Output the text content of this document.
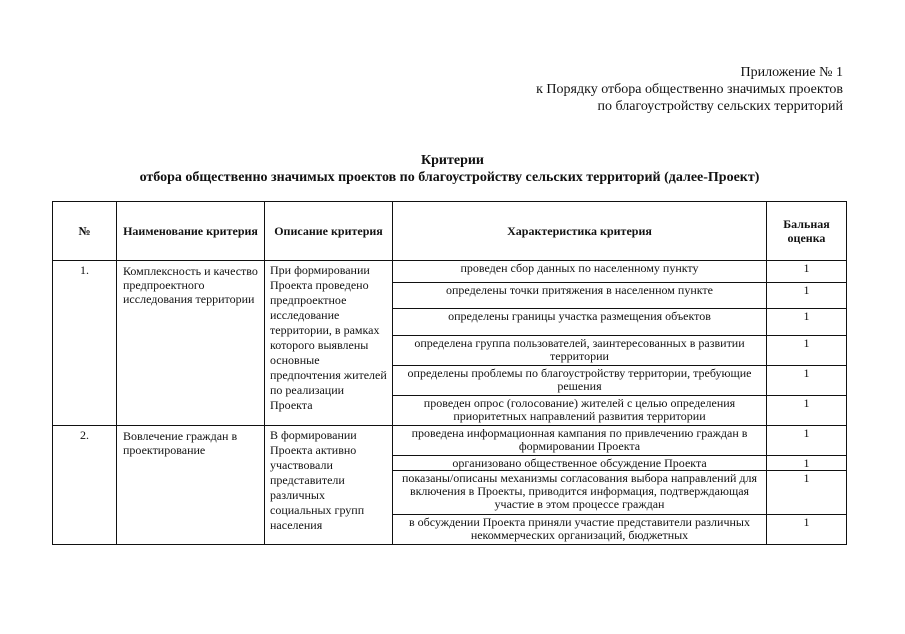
Приложение № 1
к Порядку отбора общественно значимых проектов
по благоустройству сельских территорий
Критерии
отбора общественно значимых проектов по благоустройству сельских территорий (далее-Проект)
№	Наименование критерия	Описание критерия	Характеристика критерия	Бальная оценка
1.	Комплексность и качество предпроектного исследования территории	При формировании Проекта проведено предпроектное исследование территории, в рамках которого выявлены основные предпочтения жителей по реализации Проекта	проведен сбор данных по населенному пункту	1
			определены точки притяжения в населенном пункте	1
			определены границы участка размещения объектов	1
			определена группа пользователей, заинтересованных в развитии территории	1
			определены проблемы по благоустройству территории, требующие решения	1
			проведен опрос (голосование) жителей с целью определения приоритетных направлений развития территории	1
2.	Вовлечение граждан в проектирование	В формировании Проекта активно участвовали представители различных социальных групп населения	проведена информационная кампания по привлечению граждан в формировании Проекта	1
			организовано общественное обсуждение Проекта	1
			показаны/описаны механизмы согласования выбора направлений для включения в Проекты, приводится информация, подтверждающая участие в этом процессе граждан	1
			в обсуждении Проекта приняли участие представители различных некоммерческих организаций, бюджетных	1
